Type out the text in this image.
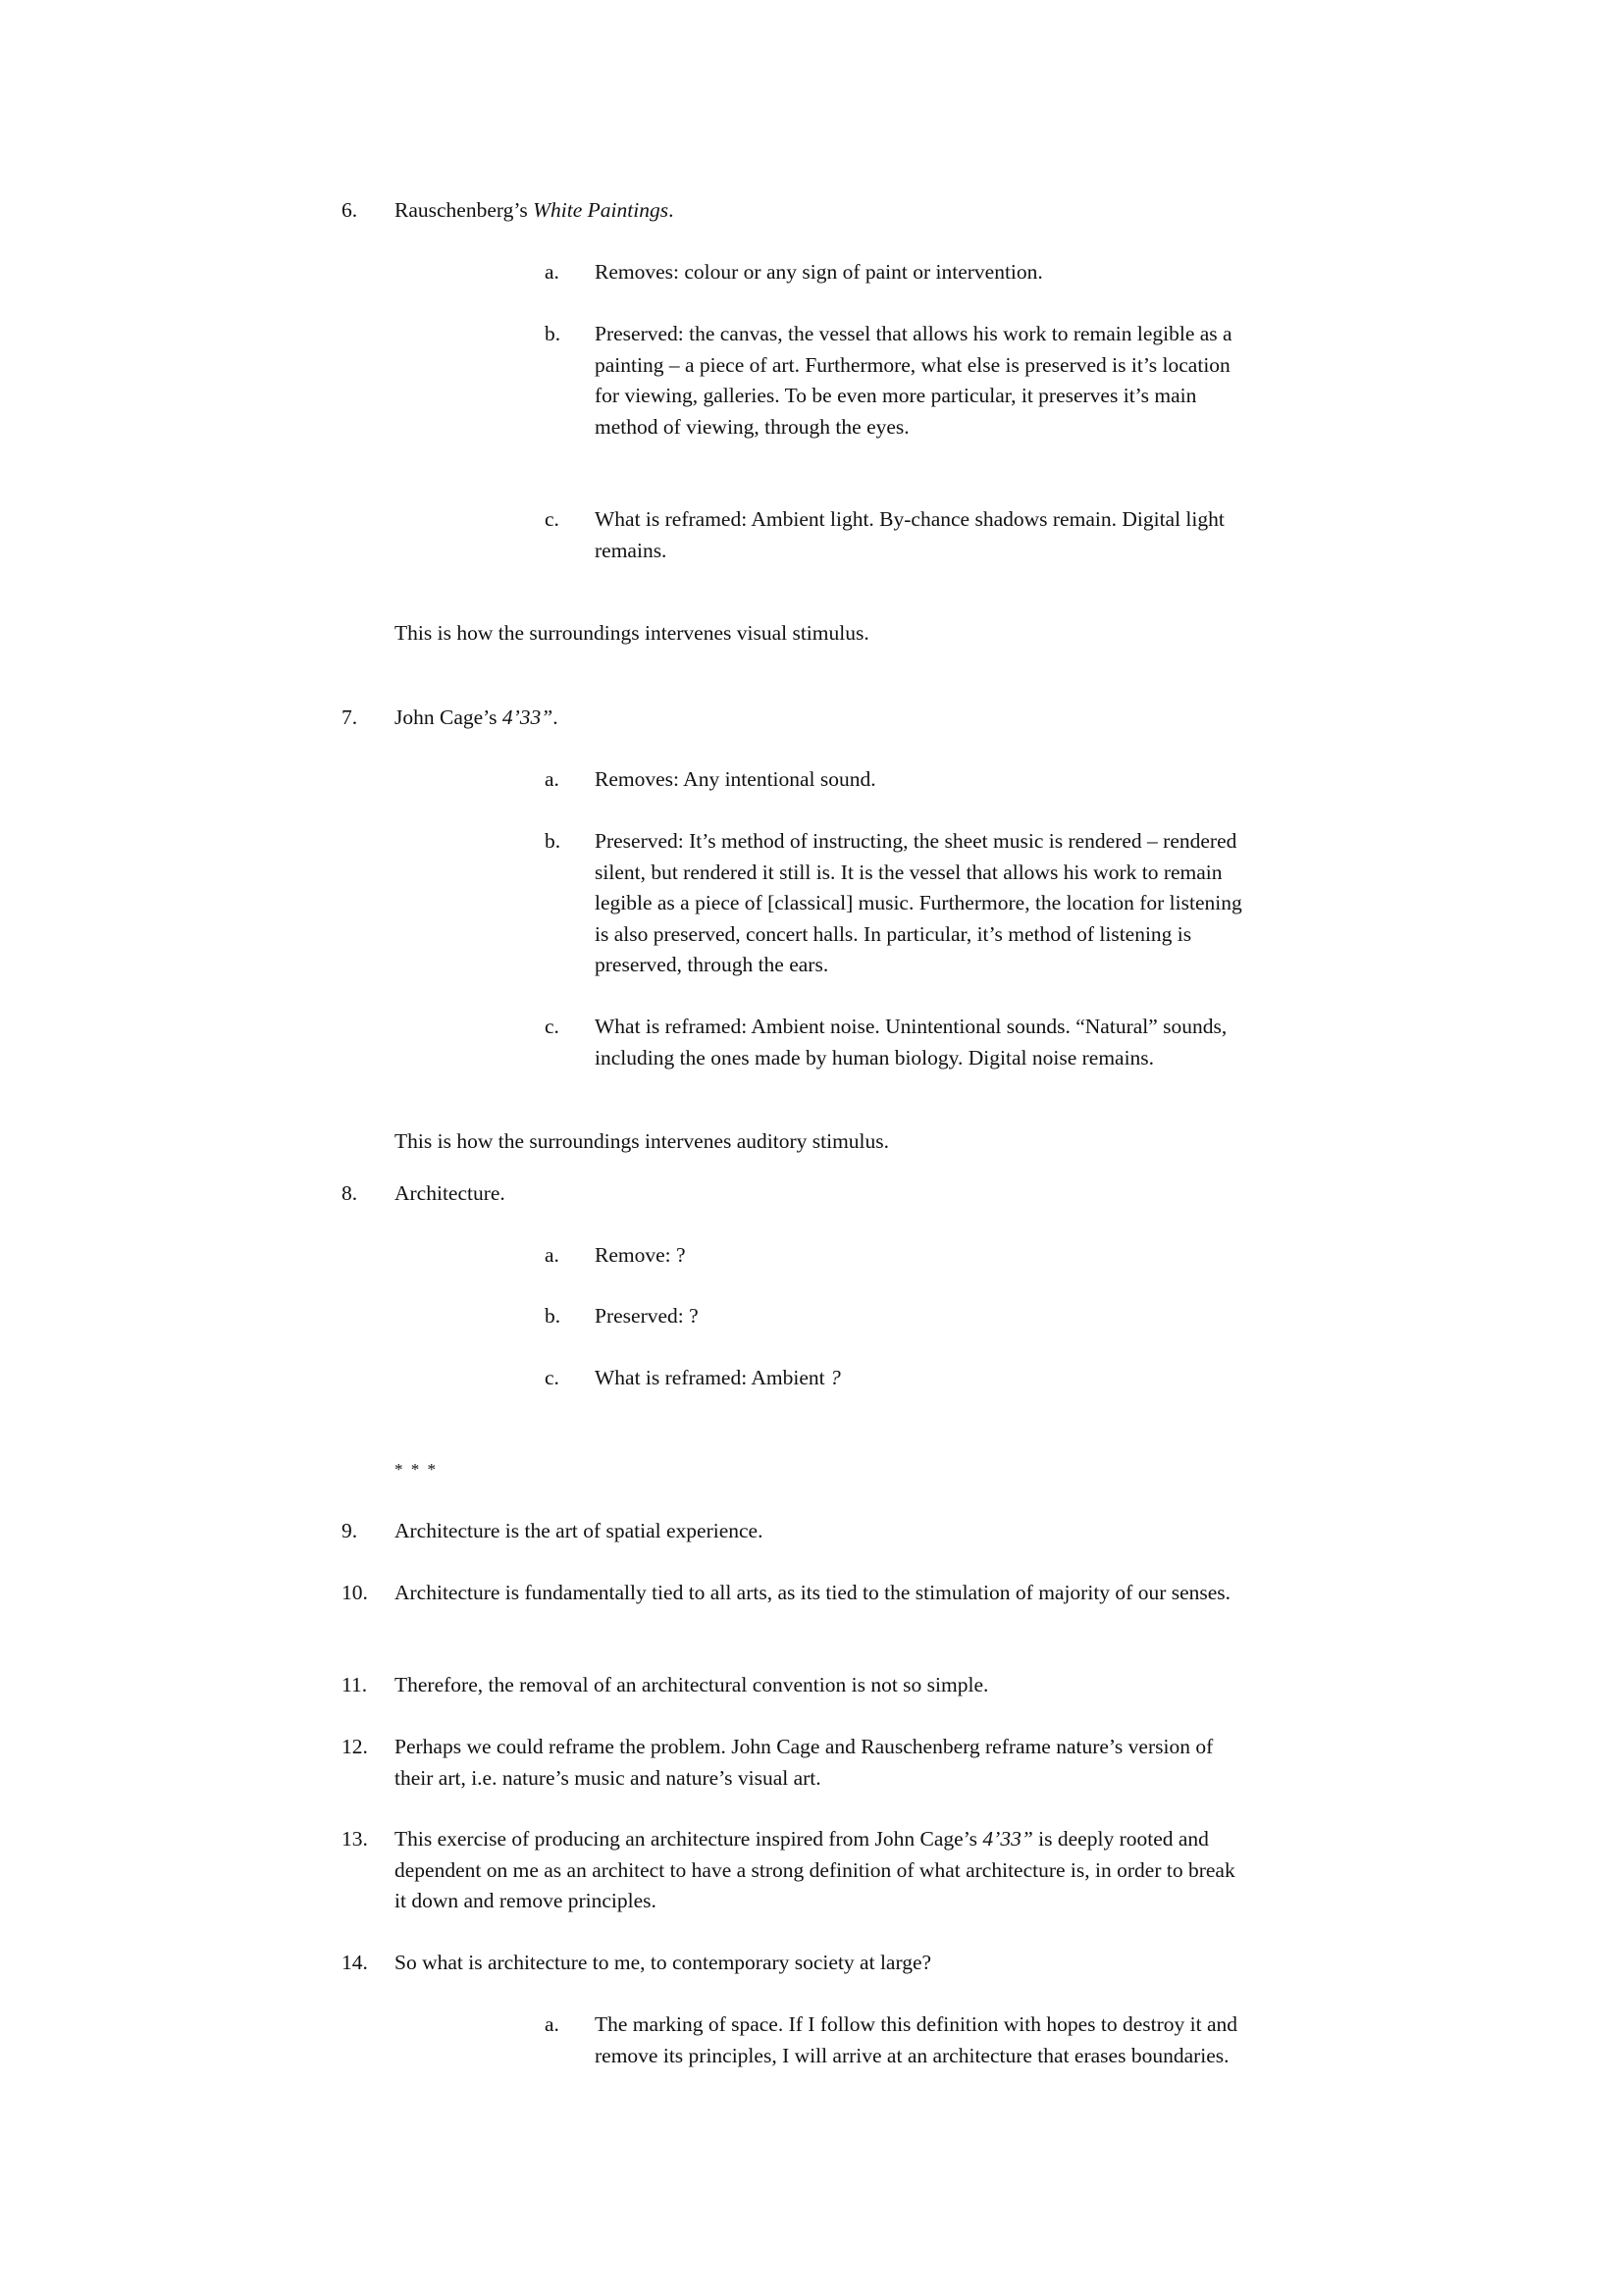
6. Rauschenberg’s White Paintings.
a. Removes: colour or any sign of paint or intervention.
b. Preserved: the canvas, the vessel that allows his work to remain legible as a painting – a piece of art. Furthermore, what else is preserved is it’s location for viewing, galleries. To be even more particular, it preserves it’s main method of viewing, through the eyes.
c. What is reframed: Ambient light. By-chance shadows remain. Digital light remains.
This is how the surroundings intervenes visual stimulus.
7. John Cage’s 4’33”.
a. Removes: Any intentional sound.
b. Preserved: It’s method of instructing, the sheet music is rendered – rendered silent, but rendered it still is. It is the vessel that allows his work to remain legible as a piece of [classical] music. Furthermore, the location for listening is also preserved, concert halls. In particular, it’s method of listening is preserved, through the ears.
c. What is reframed: Ambient noise. Unintentional sounds. “Natural” sounds, including the ones made by human biology. Digital noise remains.
This is how the surroundings intervenes auditory stimulus.
8. Architecture.
a. Remove: ?
b. Preserved: ?
c. What is reframed: Ambient ?
* * *
9. Architecture is the art of spatial experience.
10. Architecture is fundamentally tied to all arts, as its tied to the stimulation of majority of our senses.
11. Therefore, the removal of an architectural convention is not so simple.
12. Perhaps we could reframe the problem. John Cage and Rauschenberg reframe nature’s version of their art, i.e. nature’s music and nature’s visual art.
13. This exercise of producing an architecture inspired from John Cage’s 4’33” is deeply rooted and dependent on me as an architect to have a strong definition of what architecture is, in order to break it down and remove principles.
14. So what is architecture to me, to contemporary society at large?
a. The marking of space. If I follow this definition with hopes to destroy it and remove its principles, I will arrive at an architecture that erases boundaries.
